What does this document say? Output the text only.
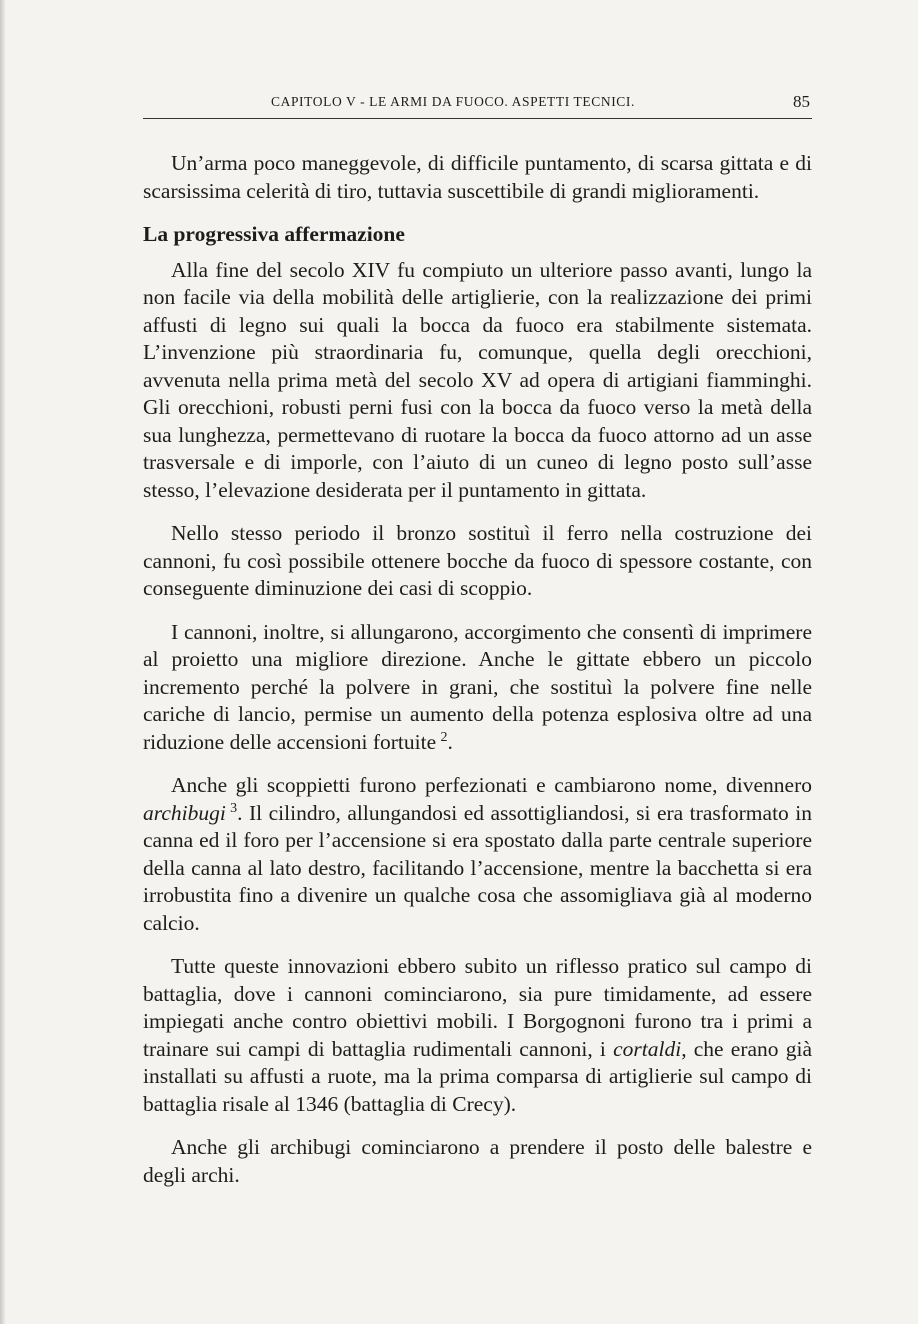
CAPITOLO V - LE ARMI DA FUOCO. ASPETTI TECNICI.	85

Un’arma poco maneggevole, di difficile puntamento, di scarsa gittata e di scarsissima celerità di tiro, tuttavia suscettibile di grandi miglioramenti.

La progressiva affermazione

Alla fine del secolo XIV fu compiuto un ulteriore passo avanti, lungo la non facile via della mobilità delle artiglierie, con la realizzazione dei primi affusti di legno sui quali la bocca da fuoco era stabilmente sistemata. L’invenzione più straordinaria fu, comunque, quella degli orecchioni, avvenuta nella prima metà del secolo XV ad opera di artigiani fiamminghi. Gli orecchioni, robusti perni fusi con la bocca da fuoco verso la metà della sua lunghezza, permettevano di ruotare la bocca da fuoco attorno ad un asse trasversale e di imporle, con l’aiuto di un cuneo di legno posto sull’asse stesso, l’elevazione desiderata per il puntamento in gittata.

Nello stesso periodo il bronzo sostituì il ferro nella costruzione dei cannoni, fu così possibile ottenere bocche da fuoco di spessore costante, con conseguente diminuzione dei casi di scoppio.

I cannoni, inoltre, si allungarono, accorgimento che consentì di imprimere al proietto una migliore direzione. Anche le gittate ebbero un piccolo incremento perché la polvere in grani, che sostituì la polvere fine nelle cariche di lancio, permise un aumento della potenza esplosiva oltre ad una riduzione delle accensioni fortuite  $^2$.

Anche gli scoppietti furono perfezionati e cambiarono nome, divennero archibugi  $^3$. Il cilindro, allungandosi ed assottigliandosi, si era trasformato in canna ed il foro per l’accensione si era spostato dalla parte centrale superiore della canna al lato destro, facilitando l’accensione, mentre la bacchetta si era irrobustita fino a divenire un qualche cosa che assomigliava già al moderno calcio.

Tutte queste innovazioni ebbero subito un riflesso pratico sul campo di battaglia, dove i cannoni cominciarono, sia pure timidamente, ad essere impiegati anche contro obiettivi mobili. I Borgognoni furono tra i primi a trainare sui campi di battaglia rudimentali cannoni, i cortaldi, che erano già installati su affusti a ruote, ma la prima comparsa di artiglierie sul campo di battaglia risale al 1346 (battaglia di Crecy).

Anche gli archibugi cominciarono a prendere il posto delle balestre e degli archi.
